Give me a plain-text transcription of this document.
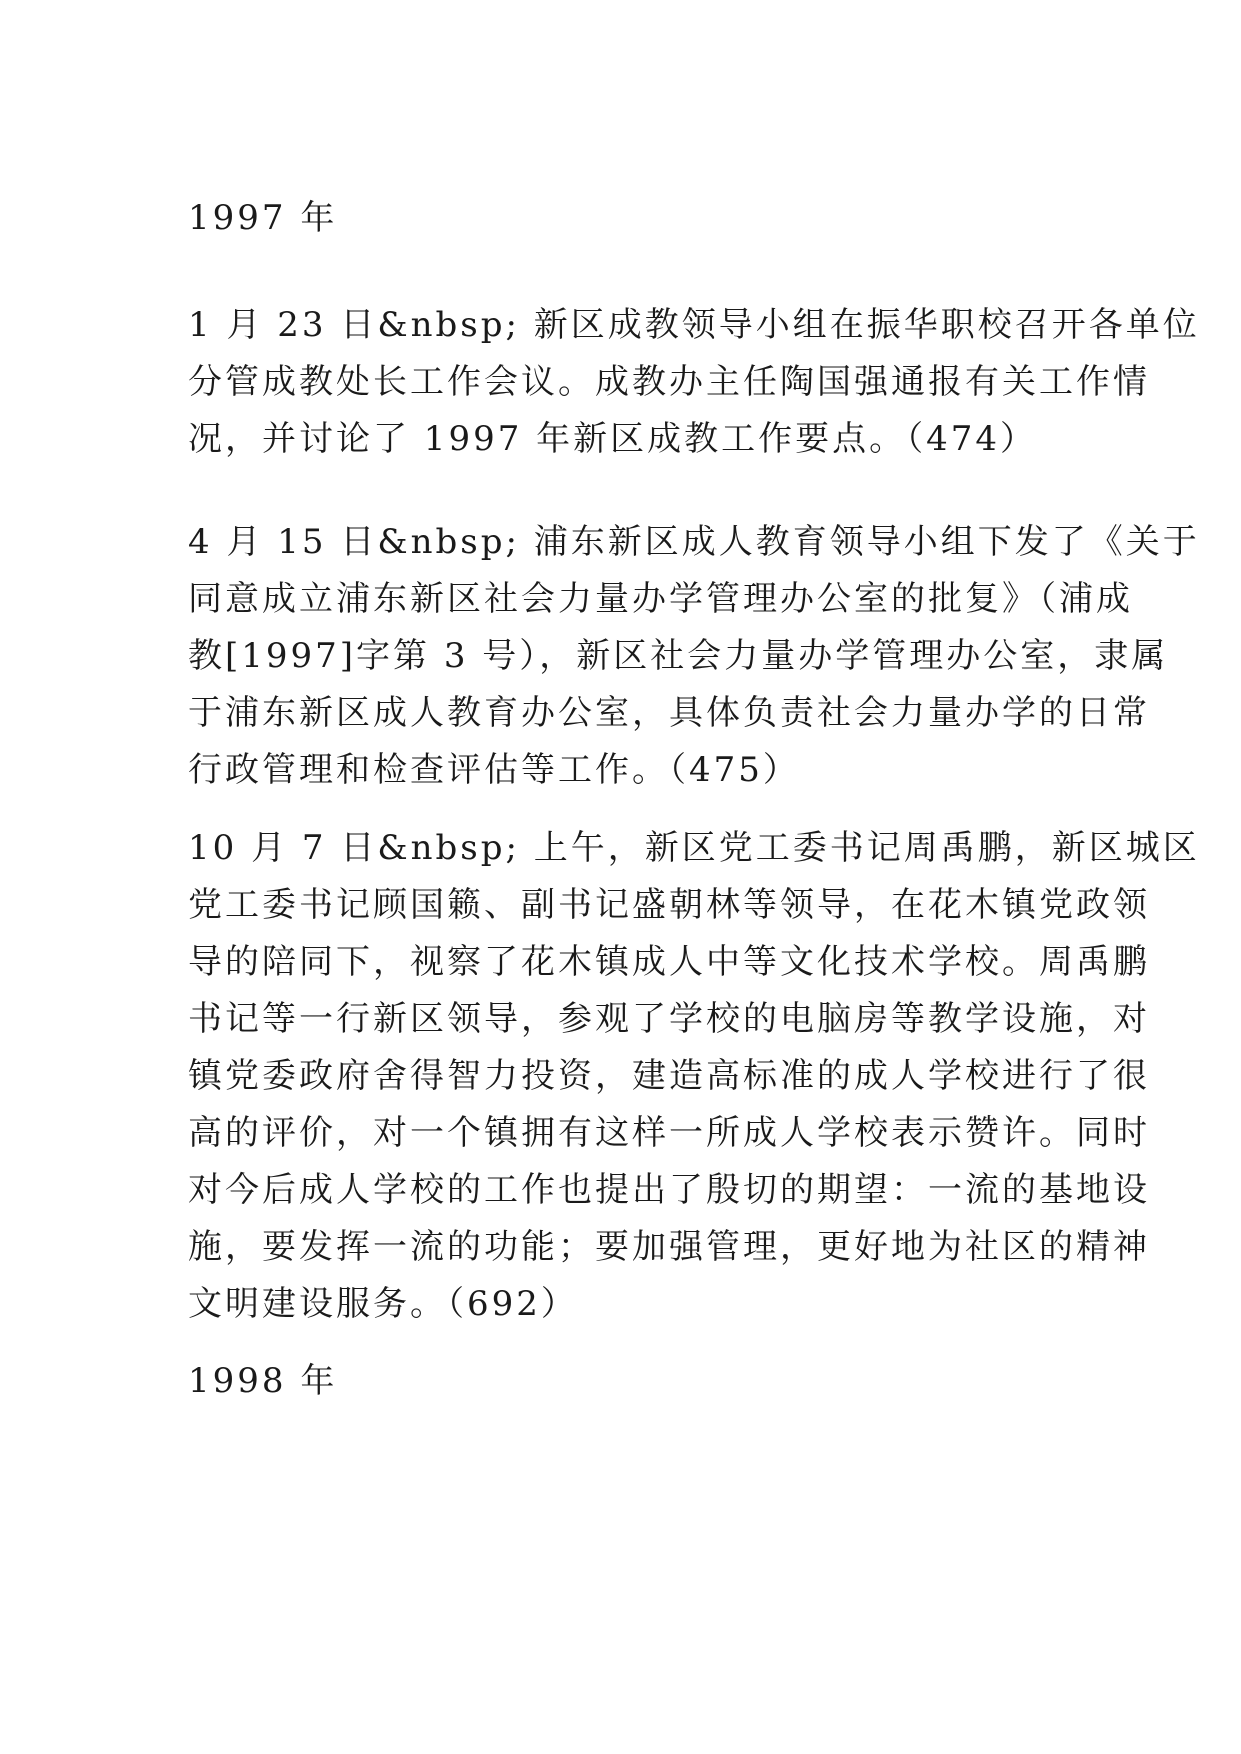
1997 年
1 月 23 日&nbsp; 新区成教领导小组在振华职校召开各单位
分管成教处长工作会议。成教办主任陶国强通报有关工作情
况，并讨论了 1997 年新区成教工作要点。（474）
4 月 15 日&nbsp; 浦东新区成人教育领导小组下发了《关于
同意成立浦东新区社会力量办学管理办公室的批复》（浦成
教[1997]字第 3 号），新区社会力量办学管理办公室，隶属
于浦东新区成人教育办公室，具体负责社会力量办学的日常
行政管理和检查评估等工作。（475）
10 月 7 日&nbsp; 上午，新区党工委书记周禹鹏，新区城区
党工委书记顾国籁、副书记盛朝林等领导，在花木镇党政领
导的陪同下，视察了花木镇成人中等文化技术学校。周禹鹏
书记等一行新区领导，参观了学校的电脑房等教学设施，对
镇党委政府舍得智力投资，建造高标准的成人学校进行了很
高的评价，对一个镇拥有这样一所成人学校表示赞许。同时
对今后成人学校的工作也提出了殷切的期望：一流的基地设
施，要发挥一流的功能；要加强管理，更好地为社区的精神
文明建设服务。（692）
1998 年
